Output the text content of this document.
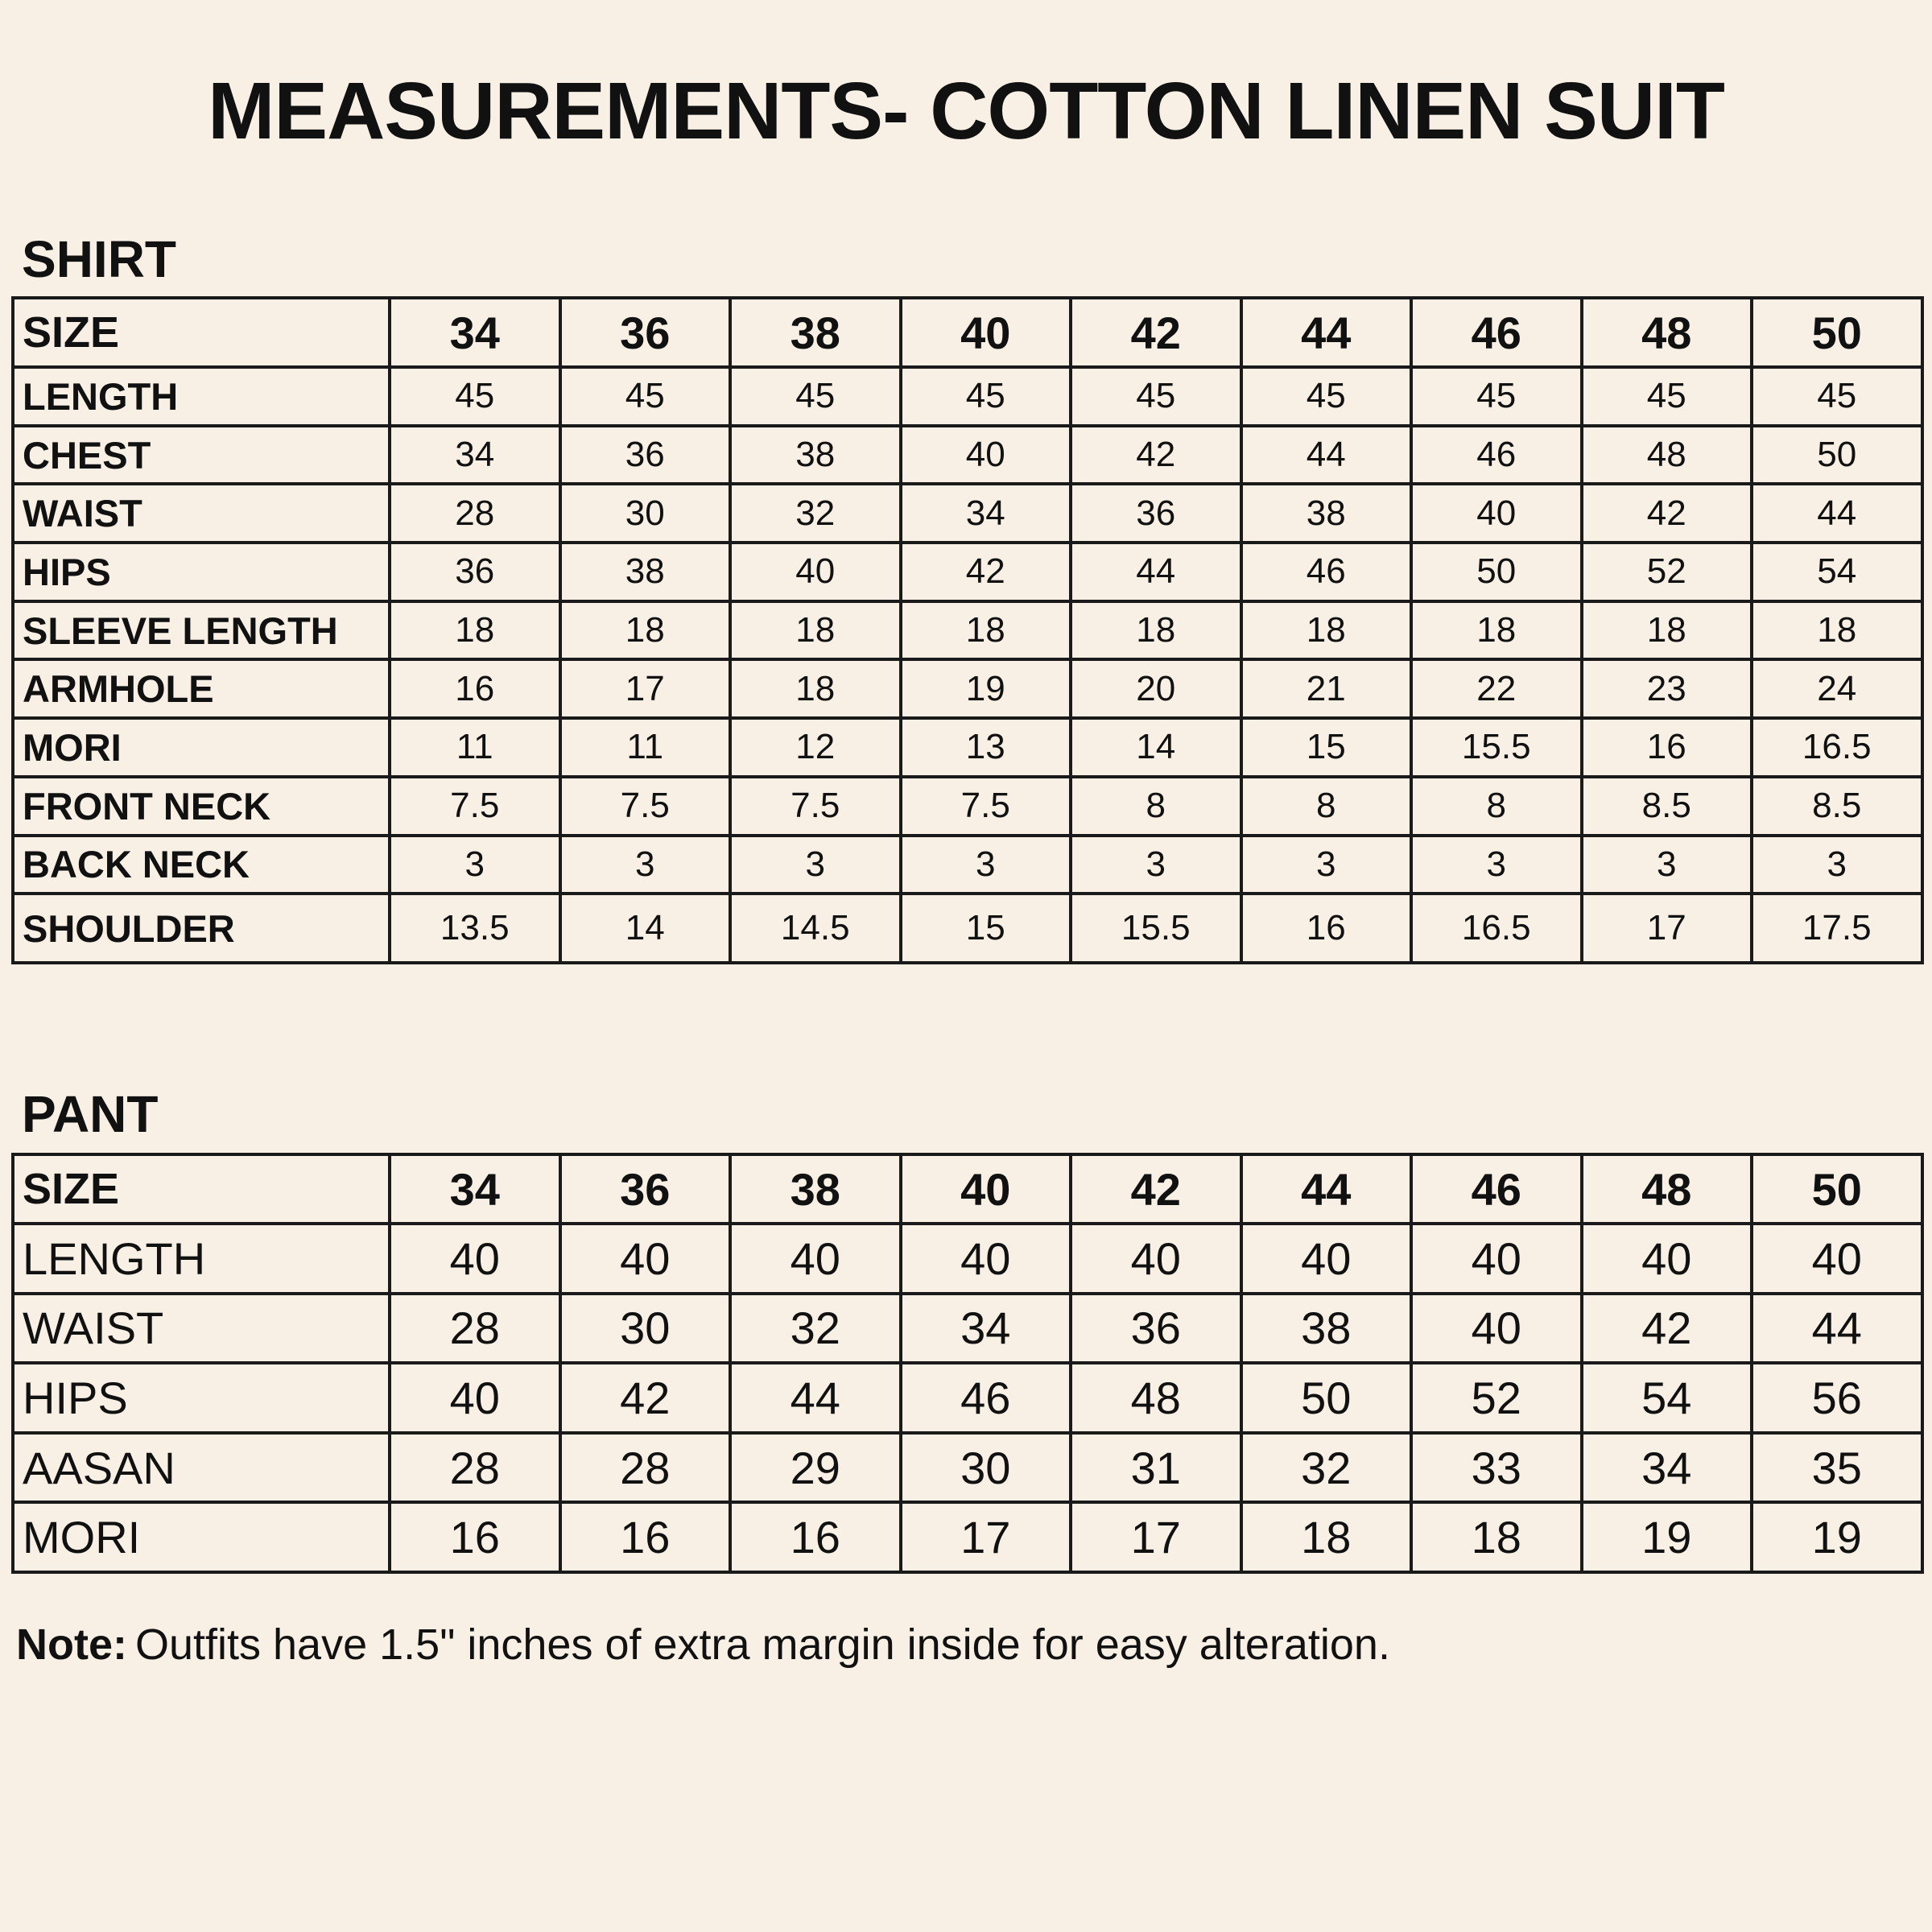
MEASUREMENTS- COTTON LINEN SUIT
SHIRT
SIZE	34	36	38	40	42	44	46	48	50
LENGTH	45	45	45	45	45	45	45	45	45
CHEST	34	36	38	40	42	44	46	48	50
WAIST	28	30	32	34	36	38	40	42	44
HIPS	36	38	40	42	44	46	50	52	54
SLEEVE LENGTH	18	18	18	18	18	18	18	18	18
ARMHOLE	16	17	18	19	20	21	22	23	24
MORI	11	11	12	13	14	15	15.5	16	16.5
FRONT NECK	7.5	7.5	7.5	7.5	8	8	8	8.5	8.5
BACK NECK	3	3	3	3	3	3	3	3	3
SHOULDER	13.5	14	14.5	15	15.5	16	16.5	17	17.5
PANT
SIZE	34	36	38	40	42	44	46	48	50
LENGTH	40	40	40	40	40	40	40	40	40
WAIST	28	30	32	34	36	38	40	42	44
HIPS	40	42	44	46	48	50	52	54	56
AASAN	28	28	29	30	31	32	33	34	35
MORI	16	16	16	17	17	18	18	19	19
Note: Outfits have 1.5" inches of extra margin inside for easy alteration.
